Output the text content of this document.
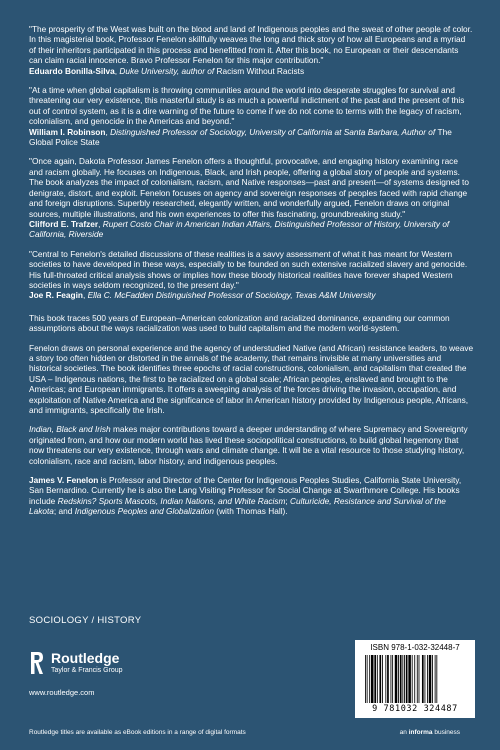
"The prosperity of the West was built on the blood and land of Indigenous peoples and the sweat of other people of color. In this magisterial book, Professor Fenelon skillfully weaves the long and thick story of how all Europeans and a myriad of their inheritors participated in this process and benefitted from it. After this book, no European or their descendants can claim racial innocence. Bravo Professor Fenelon for this major contribution."
Eduardo Bonilla-Silva, Duke University, author of Racism Without Racists
"At a time when global capitalism is throwing communities around the world into desperate struggles for survival and threatening our very existence, this masterful study is as much a powerful indictment of the past and the present of this out of control system, as it is a dire warning of the future to come if we do not come to terms with the legacy of racism, colonialism, and genocide in the Americas and beyond."
William I. Robinson, Distinguished Professor of Sociology, University of California at Santa Barbara, Author of The Global Police State
"Once again, Dakota Professor James Fenelon offers a thoughtful, provocative, and engaging history examining race and racism globally. He focuses on Indigenous, Black, and Irish people, offering a global story of people and systems. The book analyzes the impact of colonialism, racism, and Native responses—past and present—of systems designed to denigrate, distort, and exploit. Fenelon focuses on agency and sovereign responses of peoples faced with rapid change and foreign disruptions. Superbly researched, elegantly written, and wonderfully argued, Fenelon draws on original sources, multiple illustrations, and his own experiences to offer this fascinating, groundbreaking study."
Clifford E. Trafzer, Rupert Costo Chair in American Indian Affairs, Distinguished Professor of History, University of California, Riverside
"Central to Fenelon's detailed discussions of these realities is a savvy assessment of what it has meant for Western societies to have developed in these ways, especially to be founded on such extensive racialized slavery and genocide. His full-throated critical analysis shows or implies how these bloody historical realities have forever shaped Western societies in ways seldom recognized, to the present day."
Joe R. Feagin, Ella C. McFadden Distinguished Professor of Sociology, Texas A&M University

This book traces 500 years of European–American colonization and racialized dominance, expanding our common assumptions about the ways racialization was used to build capitalism and the modern world-system.

Fenelon draws on personal experience and the agency of understudied Native (and African) resistance leaders, to weave a story too often hidden or distorted in the annals of the academy, that remains invisible at many universities and historical societies. The book identifies three epochs of racial constructions, colonialism, and capitalism that created the USA – Indigenous nations, the first to be racialized on a global scale; African peoples, enslaved and brought to the Americas; and European immigrants. It offers a sweeping analysis of the forces driving the invasion, occupation, and exploitation of Native America and the significance of labor in American history provided by Indigenous people, Africans, and immigrants, specifically the Irish.

Indian, Black and Irish makes major contributions toward a deeper understanding of where Supremacy and Sovereignty originated from, and how our modern world has lived these sociopolitical constructions, to build global hegemony that now threatens our very existence, through wars and climate change. It will be a vital resource to those studying history, colonialism, race and racism, labor history, and indigenous peoples.

James V. Fenelon is Professor and Director of the Center for Indigenous Peoples Studies, California State University, San Bernardino. Currently he is also the Lang Visiting Professor for Social Change at Swarthmore College. His books include Redskins? Sports Mascots, Indian Nations, and White Racism; Culturicide, Resistance and Survival of the Lakota; and Indigenous Peoples and Globalization (with Thomas Hall).

SOCIOLOGY / HISTORY
Routledge
Taylor & Francis Group
www.routledge.com
Routledge titles are available as eBook editions in a range of digital formats	an informa business
ISBN 978-1-032-32448-7
9 781032 324487
